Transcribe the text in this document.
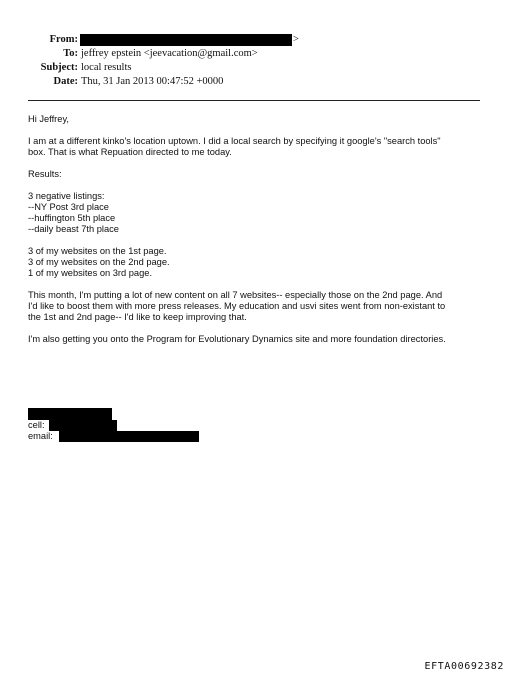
From:	>
To: jeffrey epstein <jeevacation@gmail.com>
Subject: local results
Date: Thu, 31 Jan 2013 00:47:52 +0000
Hi Jeffrey,
I am at a different kinko's location uptown. I did a local search by specifying it google's "search tools"
box. That is what Repuation directed to me today.
Results:
3 negative listings:
--NY Post 3rd place
--huffington 5th place
--daily beast 7th place
3 of my websites on the 1st page.
3 of my websites on the 2nd page.
1 of my websites on 3rd page.
This month, I'm putting a lot of new content on all 7 websites-- especially those on the 2nd page. And
I'd like to boost them with more press releases. My education and usvi sites went from non-existant to
the 1st and 2nd page-- I'd like to keep improving that.
I'm also getting you onto the Program for Evolutionary Dynamics site and more foundation directories.
cell:
email:
EFTA00692382
